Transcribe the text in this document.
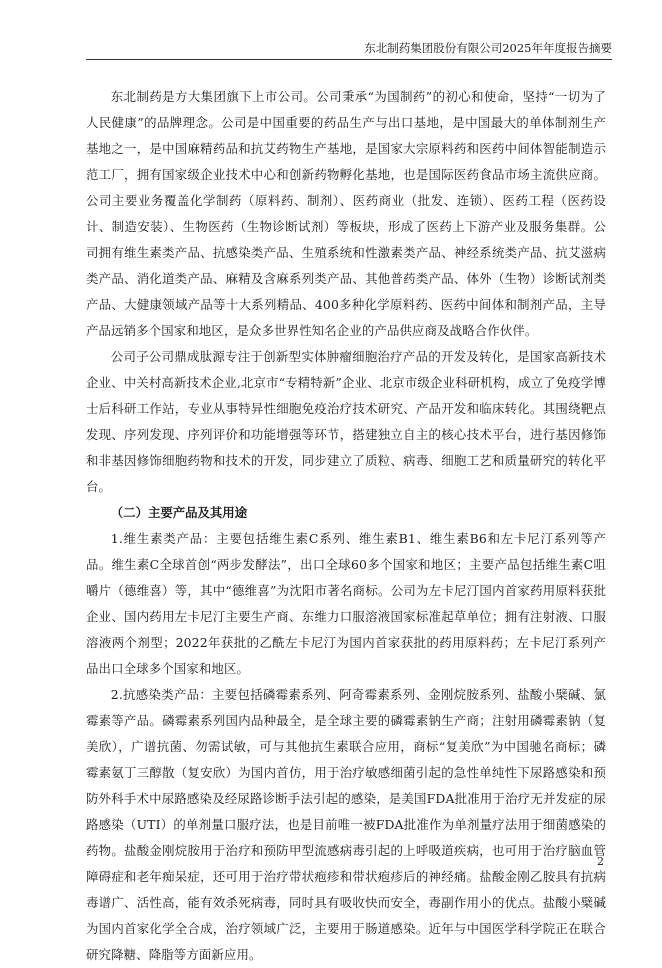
东北制药集团股份有限公司2025年年度报告摘要

东北制药是方大集团旗下上市公司。公司秉承“为国制药”的初心和使命，坚持“一切为了人民健康”的品牌理念。公司是中国重要的药品生产与出口基地，是中国最大的单体制剂生产基地之一，是中国麻精药品和抗艾药物生产基地，是国家大宗原料药和医药中间体智能制造示范工厂，拥有国家级企业技术中心和创新药物孵化基地，也是国际医药食品市场主流供应商。公司主要业务覆盖化学制药（原料药、制剂）、医药商业（批发、连锁）、医药工程（医药设计、制造安装）、生物医药（生物诊断试剂）等板块，形成了医药上下游产业及服务集群。公司拥有维生素类产品、抗感染类产品、生殖系统和性激素类产品、神经系统类产品、抗艾滋病类产品、消化道类产品、麻精及含麻系列类产品、其他普药类产品、体外（生物）诊断试剂类产品、大健康领域产品等十大系列精品、400多种化学原料药、医药中间体和制剂产品，主导产品远销多个国家和地区，是众多世界性知名企业的产品供应商及战略合作伙伴。

公司子公司鼎成肽源专注于创新型实体肿瘤细胞治疗产品的开发及转化，是国家高新技术企业、中关村高新技术企业,北京市“专精特新”企业、北京市级企业科研机构，成立了免疫学博士后科研工作站，专业从事特异性细胞免疫治疗技术研究、产品开发和临床转化。其围绕靶点发现、序列发现、序列评价和功能增强等环节，搭建独立自主的核心技术平台，进行基因修饰和非基因修饰细胞药物和技术的开发，同步建立了质粒、病毒、细胞工艺和质量研究的转化平台。

（二）主要产品及其用途

1.维生素类产品：主要包括维生素C系列、维生素B1、维生素B6和左卡尼汀系列等产品。维生素C全球首创“两步发酵法”，出口全球60多个国家和地区；主要产品包括维生素C咀嚼片（德维喜）等，其中“德维喜”为沈阳市著名商标。公司为左卡尼汀国内首家药用原料获批企业、国内药用左卡尼汀主要生产商、东维力口服溶液国家标准起草单位；拥有注射液、口服溶液两个剂型；2022年获批的乙酰左卡尼汀为国内首家获批的药用原料药；左卡尼汀系列产品出口全球多个国家和地区。

2.抗感染类产品：主要包括磷霉素系列、阿奇霉素系列、金刚烷胺系列、盐酸小檗碱、氯霉素等产品。磷霉素系列国内品种最全，是全球主要的磷霉素钠生产商；注射用磷霉素钠（复美欣），广谱抗菌、勿需试敏，可与其他抗生素联合应用，商标“复美欣”为中国驰名商标；磷霉素氨丁三醇散（复安欣）为国内首仿，用于治疗敏感细菌引起的急性单纯性下尿路感染和预防外科手术中尿路感染及经尿路诊断手法引起的感染，是美国FDA批准用于治疗无并发症的尿路感染（UTI）的单剂量口服疗法，也是目前唯一被FDA批准作为单剂量疗法用于细菌感染的药物。盐酸金刚烷胺用于治疗和预防甲型流感病毒引起的上呼吸道疾病，也可用于治疗脑血管障碍症和老年痴呆症，还可用于治疗带状疱疹和带状疱疹后的神经痛。盐酸金刚乙胺具有抗病毒谱广、活性高，能有效杀死病毒，同时具有吸收快而安全，毒副作用小的优点。盐酸小檗碱为国内首家化学全合成，治疗领域广泛，主要用于肠道感染。近年与中国医学科学院正在联合研究降糖、降脂等方面新应用。

2
